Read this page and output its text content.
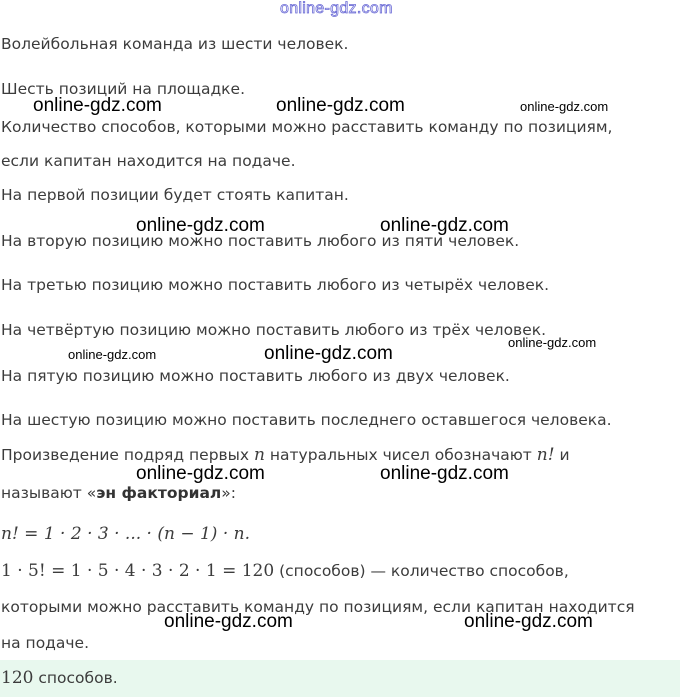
online-gdz.com

Волейбольная команда из шести человек.

Шесть позиций на площадке.

Количество способов, которыми можно расставить команду по позициям,

если капитан находится на подаче.

На первой позиции будет стоять капитан.

На вторую позицию можно поставить любого из пяти человек.

На третью позицию можно поставить любого из четырёх человек.

На четвёртую позицию можно поставить любого из трёх человек.

На пятую позицию можно поставить любого из двух человек.

На шестую позицию можно поставить последнего оставшегося человека.

Произведение подряд первых n натуральных чисел обозначают n! и

называют «эн факториал»:

n! = 1 · 2 · 3 · ... · (n − 1) · n.

1 · 5! = 1 · 5 · 4 · 3 · 2 · 1 = 120 (способов) — количество способов,

которыми можно расставить команду по позициям, если капитан находится

на подаче.

120 способов.
online-gdz.com	online-gdz.com	online-gdz.com
online-gdz.com	online-gdz.com
online-gdz.com	online-gdz.com
online-gdz.com
online-gdz.com	online-gdz.com
online-gdz.com	online-gdz.com
